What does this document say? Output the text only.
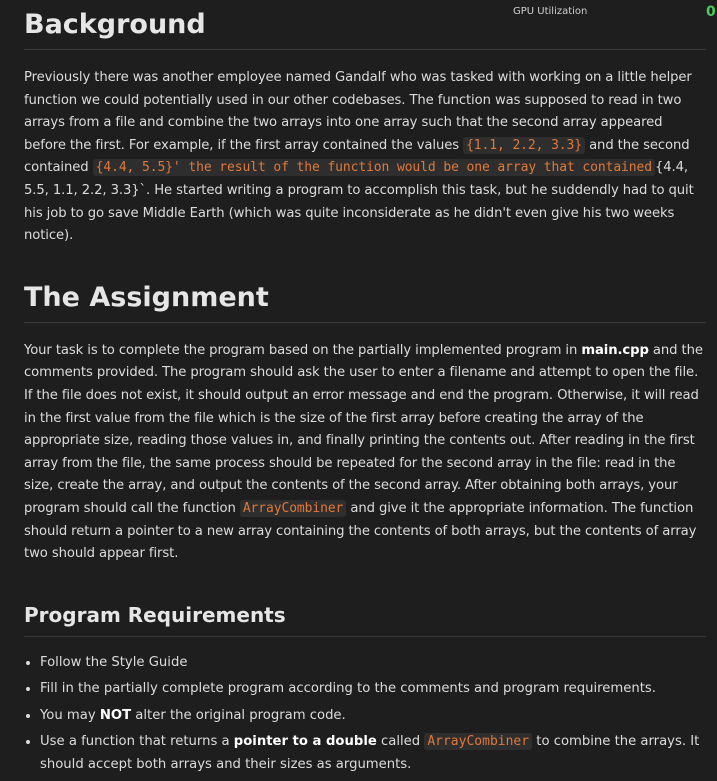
GPU Utilization	0
Background

Previously there was another employee named Gandalf who was tasked with working on a little helper function we could potentially used in our other codebases. The function was supposed to read in two arrays from a file and combine the two arrays into one array such that the second array appeared before the first. For example, if the first array contained the values {1.1, 2.2, 3.3} and the second contained {4.4, 5.5}' the result of the function would be one array that contained {4.4, 5.5, 1.1, 2.2, 3.3}`. He started writing a program to accomplish this task, but he suddendly had to quit his job to go save Middle Earth (which was quite inconsiderate as he didn't even give his two weeks notice).

The Assignment

Your task is to complete the program based on the partially implemented program in main.cpp and the comments provided. The program should ask the user to enter a filename and attempt to open the file. If the file does not exist, it should output an error message and end the program. Otherwise, it will read in the first value from the file which is the size of the first array before creating the array of the appropriate size, reading those values in, and finally printing the contents out. After reading in the first array from the file, the same process should be repeated for the second array in the file: read in the size, create the array, and output the contents of the second array. After obtaining both arrays, your program should call the function ArrayCombiner and give it the appropriate information. The function should return a pointer to a new array containing the contents of both arrays, but the contents of array two should appear first.

Program Requirements
• Follow the Style Guide
• Fill in the partially complete program according to the comments and program requirements.
• You may NOT alter the original program code.
• Use a function that returns a pointer to a double called ArrayCombiner to combine the arrays. It should accept both arrays and their sizes as arguments.
